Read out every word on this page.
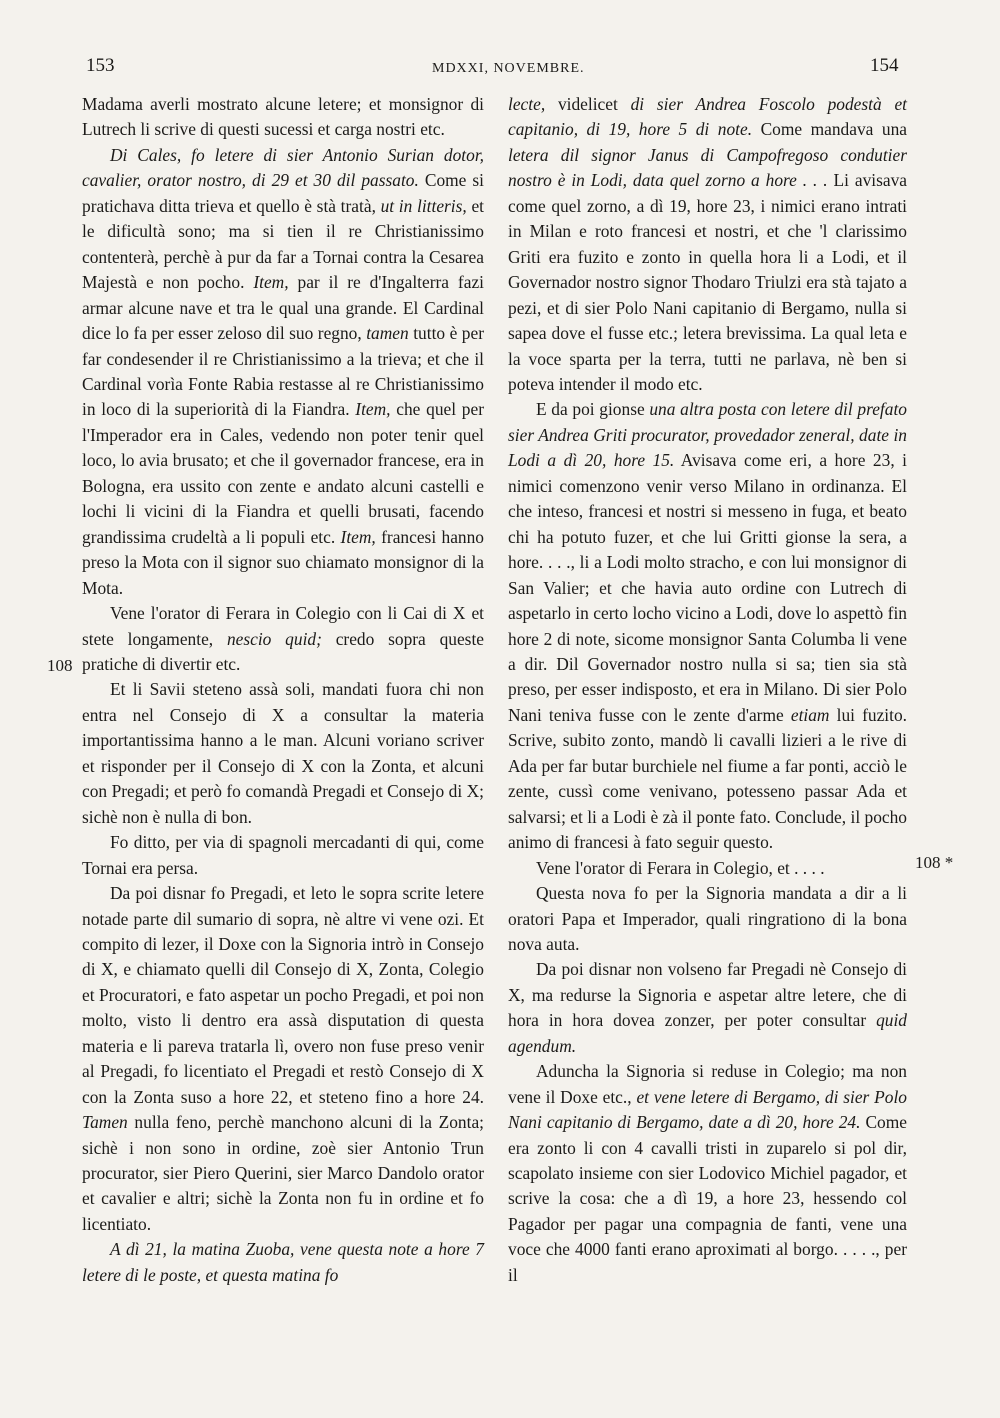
153	MDXXI, NOVEMBRE.	154
108
108 *

Madama averli mostrato alcune letere; et monsignor di Lutrech li scrive di questi sucessi et carga nostri etc.

Di Cales, fo letere di sier Antonio Surian dotor, cavalier, orator nostro, di 29 et 30 dil passato. Come si pratichava ditta trieva et quello è stà tratà, ut in litteris, et le dificultà sono; ma si tien il re Christianissimo contenterà, perchè à pur da far a Tornai contra la Cesarea Majestà e non pocho. Item, par il re d'Ingalterra fazi armar alcune nave et tra le qual una grande. El Cardinal dice lo fa per esser zeloso dil suo regno, tamen tutto è per far condesender il re Christianissimo a la trieva; et che il Cardinal vorìa Fonte Rabia restasse al re Christianissimo in loco di la superiorità di la Fiandra. Item, che quel per l'Imperador era in Cales, vedendo non poter tenir quel loco, lo avia brusato; et che il governador francese, era in Bologna, era ussito con zente e andato alcuni castelli e lochi li vicini di la Fiandra et quelli brusati, facendo grandissima crudeltà a li populi etc. Item, francesi hanno preso la Mota con il signor suo chiamato monsignor di la Mota.

Vene l'orator di Ferara in Colegio con li Cai di X et stete longamente, nescio quid; credo sopra queste pratiche di divertir etc.

Et li Savii steteno assà soli, mandati fuora chi non entra nel Consejo di X a consultar la materia importantissima hanno a le man. Alcuni voriano scriver et risponder per il Consejo di X con la Zonta, et alcuni con Pregadi; et però fo comandà Pregadi et Consejo di X; sichè non è nulla di bon.

Fo ditto, per via di spagnoli mercadanti di qui, come Tornai era persa.

Da poi disnar fo Pregadi, et leto le sopra scrite letere notade parte dil sumario di sopra, nè altre vi vene ozi. Et compito di lezer, il Doxe con la Signoria intrò in Consejo di X, e chiamato quelli dil Consejo di X, Zonta, Colegio et Procuratori, e fato aspetar un pocho Pregadi, et poi non molto, visto li dentro era assà disputation di questa materia e li pareva tratarla lì, overo non fuse preso venir al Pregadi, fo licentiato el Pregadi et restò Consejo di X con la Zonta suso a hore 22, et steteno fino a hore 24. Tamen nulla feno, perchè manchono alcuni di la Zonta; sichè i non sono in ordine, zoè sier Antonio Trun procurator, sier Piero Querini, sier Marco Dandolo orator et cavalier e altri; sichè la Zonta non fu in ordine et fo licentiato.

A dì 21, la matina Zuoba, vene questa note a hore 7 letere di le poste, et questa matina fo

lecte, videlicet di sier Andrea Foscolo podestà et capitanio, di 19, hore 5 di note. Come mandava una letera dil signor Janus di Campofregoso condutier nostro è in Lodi, data quel zorno a hore . . . Li avisava come quel zorno, a dì 19, hore 23, i nimici erano intrati in Milan e roto francesi et nostri, et che 'l clarissimo Griti era fuzito e zonto in quella hora li a Lodi, et il Governador nostro signor Thodaro Triulzi era stà tajato a pezi, et di sier Polo Nani capitanio di Bergamo, nulla si sapea dove el fusse etc.; letera brevissima. La qual leta e la voce sparta per la terra, tutti ne parlava, nè ben si poteva intender il modo etc.

E da poi gionse una altra posta con letere dil prefato sier Andrea Griti procurator, provedador zeneral, date in Lodi a dì 20, hore 15. Avisava come eri, a hore 23, i nimici comenzono venir verso Milano in ordinanza. El che inteso, francesi et nostri si messeno in fuga, et beato chi ha potuto fuzer, et che lui Gritti gionse la sera, a hore. . . ., li a Lodi molto stracho, e con lui monsignor di San Valier; et che havia auto ordine con Lutrech di aspetarlo in certo locho vicino a Lodi, dove lo aspettò fin hore 2 di note, sicome monsignor Santa Columba li vene a dir. Dil Governador nostro nulla si sa; tien sia stà preso, per esser indisposto, et era in Milano. Di sier Polo Nani teniva fusse con le zente d'arme etiam lui fuzito. Scrive, subito zonto, mandò li cavalli lizieri a le rive di Ada per far butar burchiele nel fiume a far ponti, acciò le zente, cussì come venivano, potesseno passar Ada et salvarsi; et li a Lodi è zà il ponte fato. Conclude, il pocho animo di francesi à fato seguir questo.

Vene l'orator di Ferara in Colegio, et . . . .

Questa nova fo per la Signoria mandata a dir a li oratori Papa et Imperador, quali ringrationo di la bona nova auta.

Da poi disnar non volseno far Pregadi nè Consejo di X, ma redurse la Signoria e aspetar altre letere, che di hora in hora dovea zonzer, per poter consultar quid agendum.

Aduncha la Signoria si reduse in Colegio; ma non vene il Doxe etc., et vene letere di Bergamo, di sier Polo Nani capitanio di Bergamo, date a dì 20, hore 24. Come era zonto li con 4 cavalli tristi in zuparelo si pol dir, scapolato insieme con sier Lodovico Michiel pagador, et scrive la cosa: che a dì 19, a hore 23, hessendo col Pagador per pagar una compagnia de fanti, vene una voce che 4000 fanti erano aproximati al borgo. . . . ., per il
